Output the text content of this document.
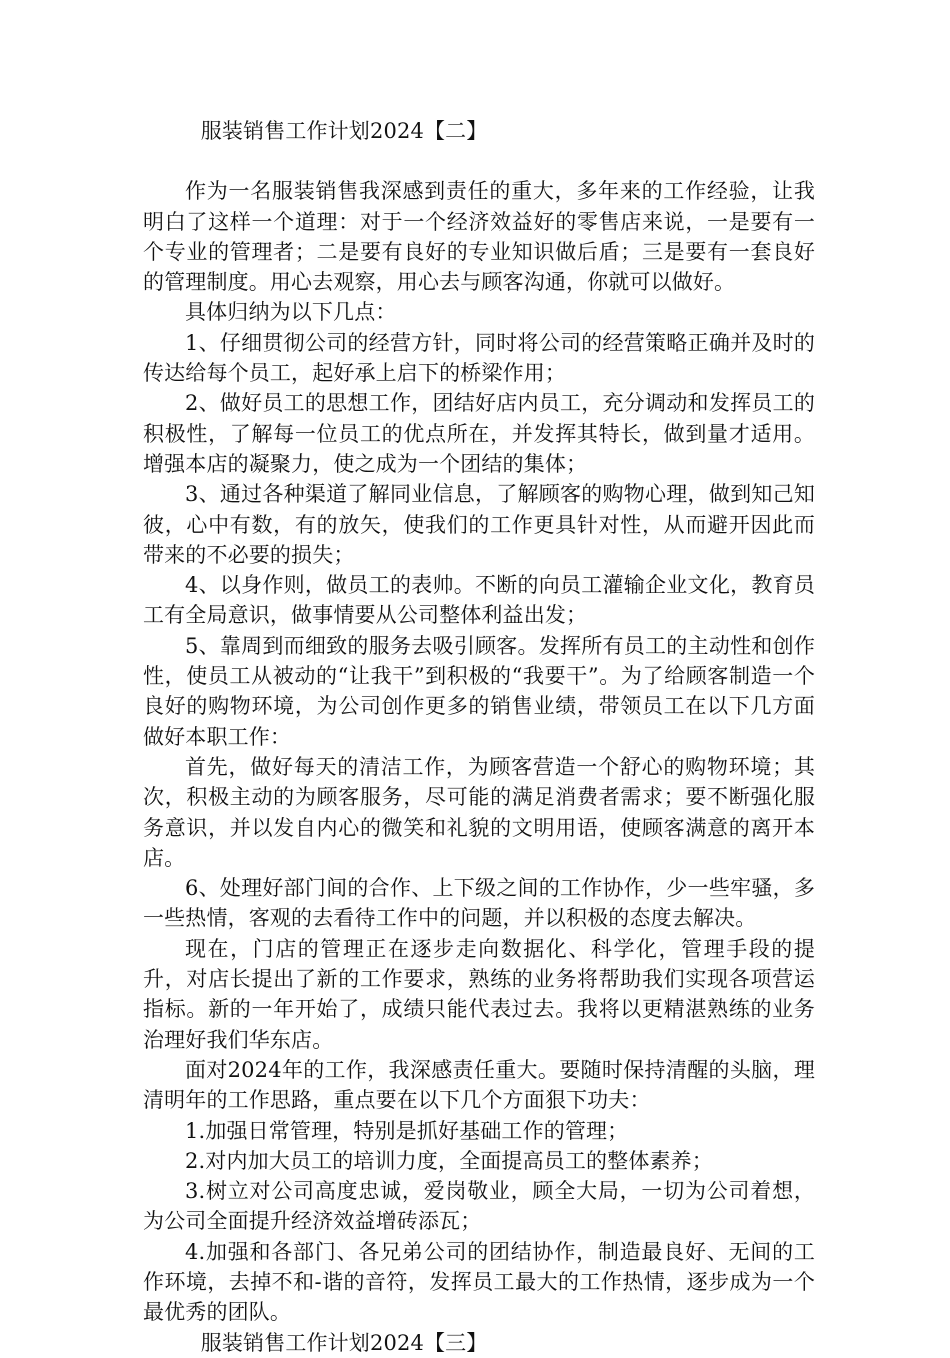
服装销售工作计划2024【二】

作为一名服装销售我深感到责任的重大，多年来的工作经验，让我明白了这样一个道理：对于一个经济效益好的零售店来说，一是要有一个专业的管理者；二是要有良好的专业知识做后盾；三是要有一套良好的管理制度。用心去观察，用心去与顾客沟通，你就可以做好。

具体归纳为以下几点：

1、仔细贯彻公司的经营方针，同时将公司的经营策略正确并及时的传达给每个员工，起好承上启下的桥梁作用；

2、做好员工的思想工作，团结好店内员工，充分调动和发挥员工的积极性，了解每一位员工的优点所在，并发挥其特长，做到量才适用。增强本店的凝聚力，使之成为一个团结的集体；

3、通过各种渠道了解同业信息，了解顾客的购物心理，做到知己知彼，心中有数，有的放矢，使我们的工作更具针对性，从而避开因此而带来的不必要的损失；

4、以身作则，做员工的表帅。不断的向员工灌输企业文化，教育员工有全局意识，做事情要从公司整体利益出发；

5、靠周到而细致的服务去吸引顾客。发挥所有员工的主动性和创作性，使员工从被动的“让我干”到积极的“我要干”。为了给顾客制造一个良好的购物环境，为公司创作更多的销售业绩，带领员工在以下几方面做好本职工作：

首先，做好每天的清洁工作，为顾客营造一个舒心的购物环境；其次，积极主动的为顾客服务，尽可能的满足消费者需求；要不断强化服务意识，并以发自内心的微笑和礼貌的文明用语，使顾客满意的离开本店。

6、处理好部门间的合作、上下级之间的工作协作，少一些牢骚，多一些热情，客观的去看待工作中的问题，并以积极的态度去解决。

现在，门店的管理正在逐步走向数据化、科学化，管理手段的提升，对店长提出了新的工作要求，熟练的业务将帮助我们实现各项营运指标。新的一年开始了，成绩只能代表过去。我将以更精湛熟练的业务治理好我们华东店。

面对2024年的工作，我深感责任重大。要随时保持清醒的头脑，理清明年的工作思路，重点要在以下几个方面狠下功夫：

1.加强日常管理，特别是抓好基础工作的管理；

2.对内加大员工的培训力度，全面提高员工的整体素养；

3.树立对公司高度忠诚，爱岗敬业，顾全大局，一切为公司着想，为公司全面提升经济效益增砖添瓦；

4.加强和各部门、各兄弟公司的团结协作，制造最良好、无间的工作环境，去掉不和-谐的音符，发挥员工最大的工作热情，逐步成为一个最优秀的团队。

服装销售工作计划2024【三】
